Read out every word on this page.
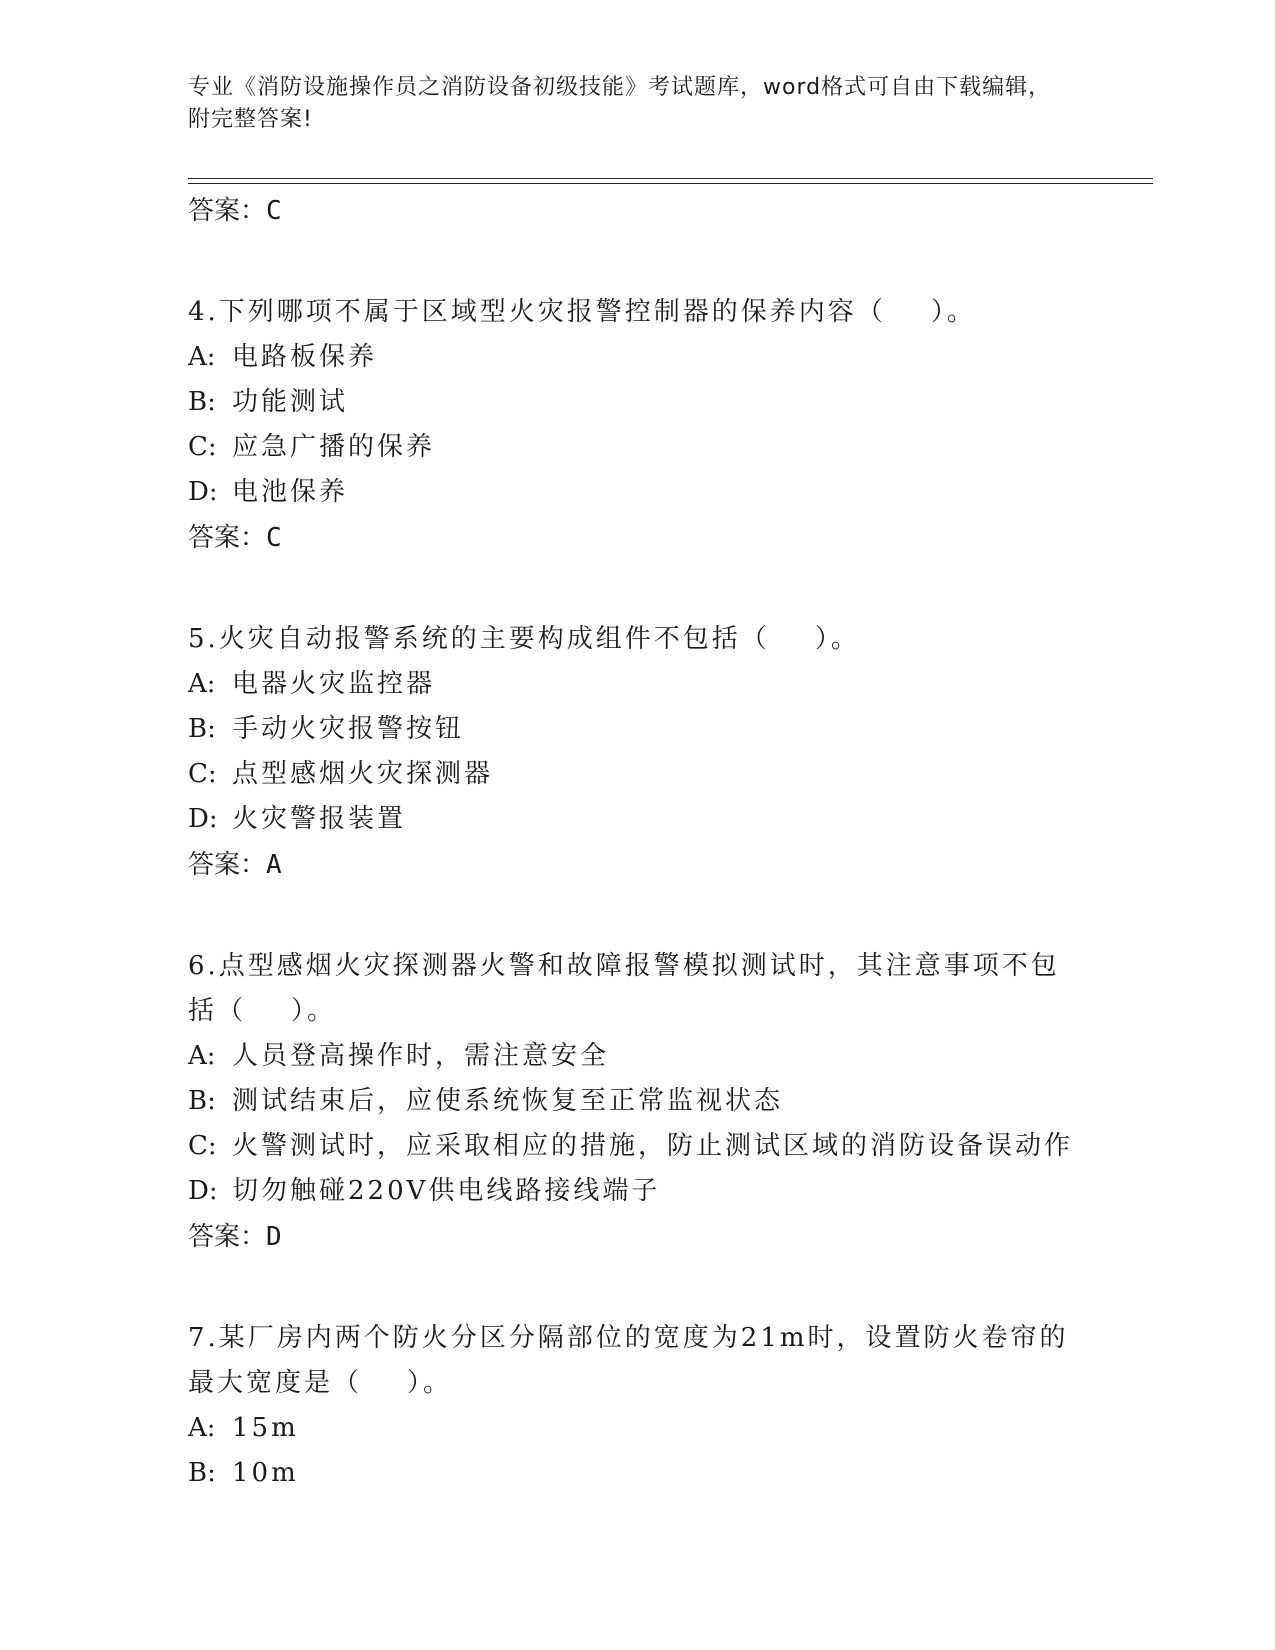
专业《消防设施操作员之消防设备初级技能》考试题库，word格式可自由下载编辑，附完整答案!
答案：C
4.下列哪项不属于区域型火灾报警控制器的保养内容（    ）。
A: 电路板保养
B: 功能测试
C: 应急广播的保养
D: 电池保养
答案：C
5.火灾自动报警系统的主要构成组件不包括（    ）。
A: 电器火灾监控器
B: 手动火灾报警按钮
C: 点型感烟火灾探测器
D: 火灾警报装置
答案：A
6.点型感烟火灾探测器火警和故障报警模拟测试时，其注意事项不包括（    ）。
A: 人员登高操作时，需注意安全
B: 测试结束后，应使系统恢复至正常监视状态
C: 火警测试时，应采取相应的措施，防止测试区域的消防设备误动作
D: 切勿触碰220V供电线路接线端子
答案：D
7.某厂房内两个防火分区分隔部位的宽度为21m时，设置防火卷帘的最大宽度是（    ）。
A: 15m
B: 10m
